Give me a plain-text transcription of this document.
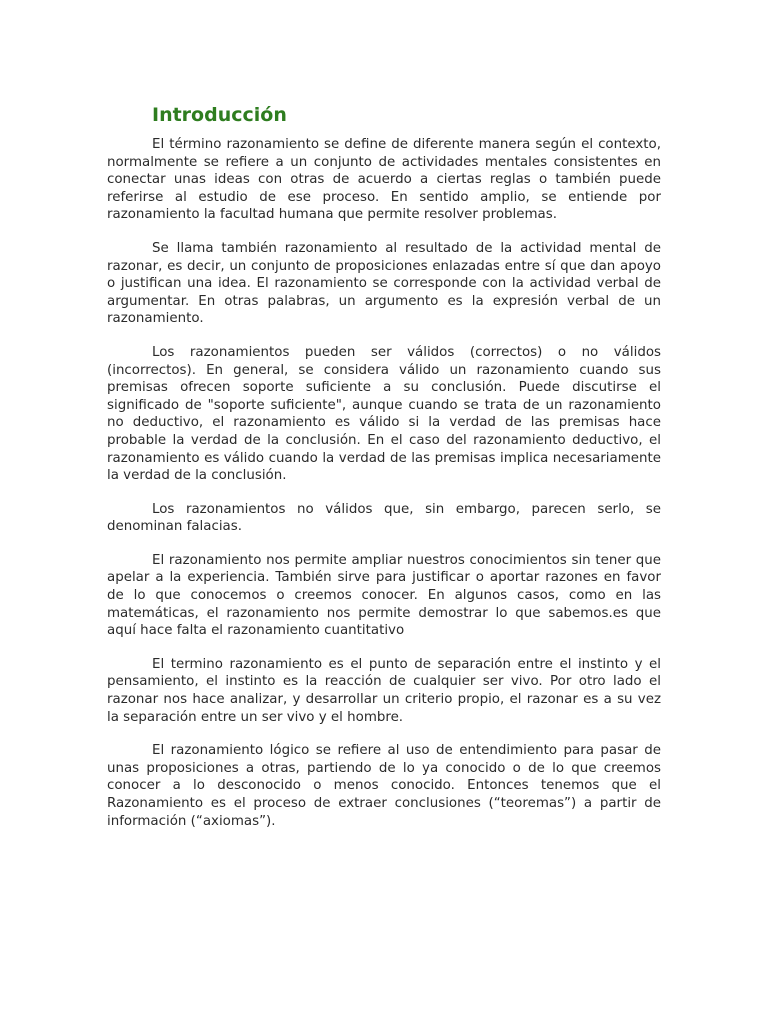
Introducción

El término razonamiento se define de diferente manera según el contexto, normalmente se refiere a un conjunto de actividades mentales consistentes en conectar unas ideas con otras de acuerdo a ciertas reglas o también puede referirse al estudio de ese proceso. En sentido amplio, se entiende por razonamiento la facultad humana que permite resolver problemas.

Se llama también razonamiento al resultado de la actividad mental de razonar, es decir, un conjunto de proposiciones enlazadas entre sí que dan apoyo o justifican una idea. El razonamiento se corresponde con la actividad verbal de argumentar. En otras palabras, un argumento es la expresión verbal de un razonamiento.

Los razonamientos pueden ser válidos (correctos) o no válidos (incorrectos). En general, se considera válido un razonamiento cuando sus premisas ofrecen soporte suficiente a su conclusión. Puede discutirse el significado de "soporte suficiente", aunque cuando se trata de un razonamiento no deductivo, el razonamiento es válido si la verdad de las premisas hace probable la verdad de la conclusión. En el caso del razonamiento deductivo, el razonamiento es válido cuando la verdad de las premisas implica necesariamente la verdad de la conclusión.

Los razonamientos no válidos que, sin embargo, parecen serlo, se denominan falacias.

El razonamiento nos permite ampliar nuestros conocimientos sin tener que apelar a la experiencia. También sirve para justificar o aportar razones en favor de lo que conocemos o creemos conocer. En algunos casos, como en las matemáticas, el razonamiento nos permite demostrar lo que sabemos.es que aquí hace falta el razonamiento cuantitativo

El termino razonamiento es el punto de separación entre el instinto y el pensamiento, el instinto es la reacción de cualquier ser vivo. Por otro lado el razonar nos hace analizar, y desarrollar un criterio propio, el razonar es a su vez la separación entre un ser vivo y el hombre.

El razonamiento lógico se refiere al uso de entendimiento para pasar de unas proposiciones a otras, partiendo de lo ya conocido o de lo que creemos conocer a lo desconocido o menos conocido. Entonces tenemos que el Razonamiento es el proceso de extraer conclusiones (“teoremas”) a partir de información (“axiomas”).
